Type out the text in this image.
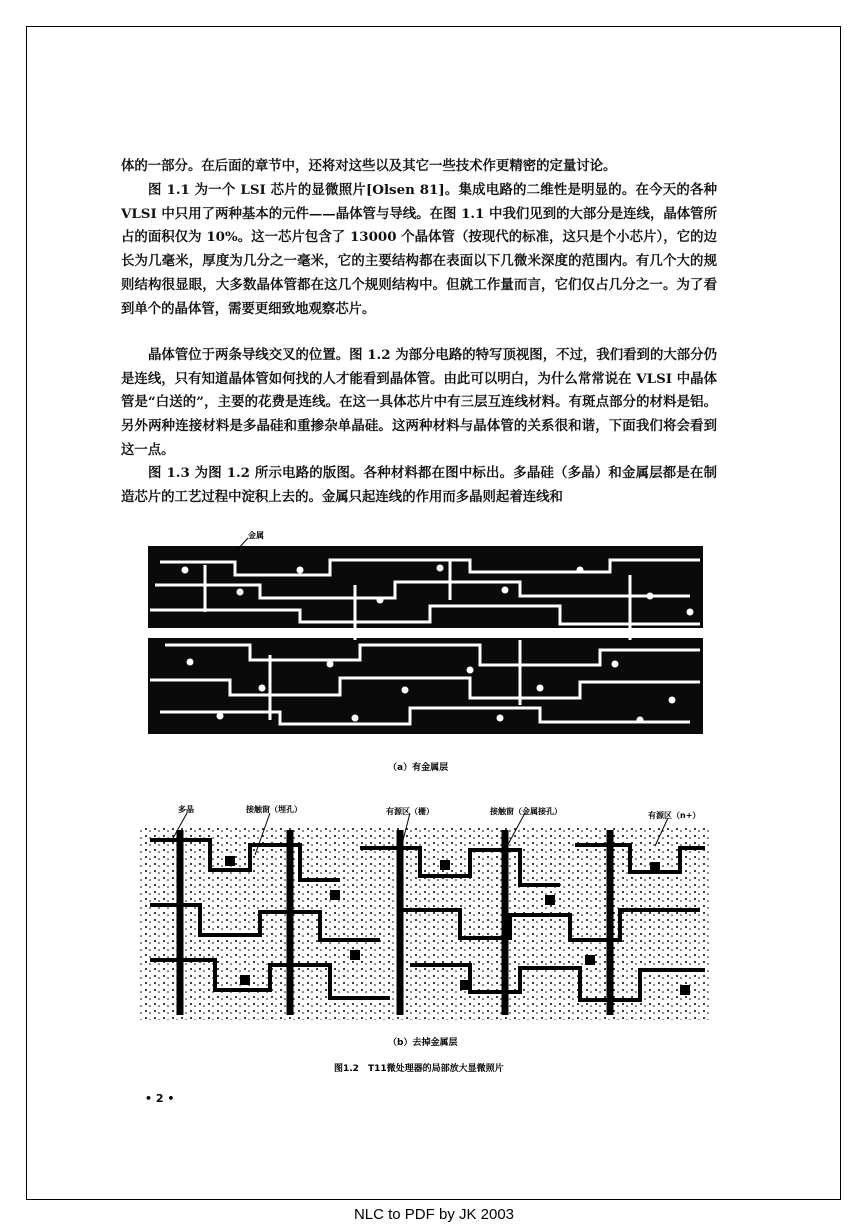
体的一部分。在后面的章节中，还将对这些以及其它一些技术作更精密的定量讨论。

图 1.1 为一个 LSI 芯片的显微照片[Olsen 81]。集成电路的二维性是明显的。在今天的各种 VLSI 中只用了两种基本的元件——晶体管与导线。在图 1.1 中我们见到的大部分是连线，晶体管所占的面积仅为 10%。这一芯片包含了 13000 个晶体管（按现代的标准，这只是个小芯片），它的边长为几毫米，厚度为几分之一毫米，它的主要结构都在表面以下几微米深度的范围内。有几个大的规则结构很显眼，大多数晶体管都在这几个规则结构中。但就工作量而言，它们仅占几分之一。为了看到单个的晶体管，需要更细致地观察芯片。

晶体管位于两条导线交叉的位置。图 1.2 为部分电路的特写顶视图，不过，我们看到的大部分仍是连线，只有知道晶体管如何找的人才能看到晶体管。由此可以明白，为什么常常说在 VLSI 中晶体管是“白送的”，主要的花费是连线。在这一具体芯片中有三层互连线材料。有斑点部分的材料是铝。另外两种连接材料是多晶硅和重掺杂单晶硅。这两种材料与晶体管的关系很和谐，下面我们将会看到这一点。

图 1.3 为图 1.2 所示电路的版图。各种材料都在图中标出。多晶硅（多晶）和金属层都是在制造芯片的工艺过程中淀积上去的。金属只起连线的作用而多晶则起着连线和

金属
（a）有金属层
多晶	接触窗（埋孔）	有源区（栅）	接触窗（金属接孔）	有源区（n+）
（b）去掉金属层
图1.2　T11微处理器的局部放大显微照片
• 2 •
NLC to PDF by JK 2003
